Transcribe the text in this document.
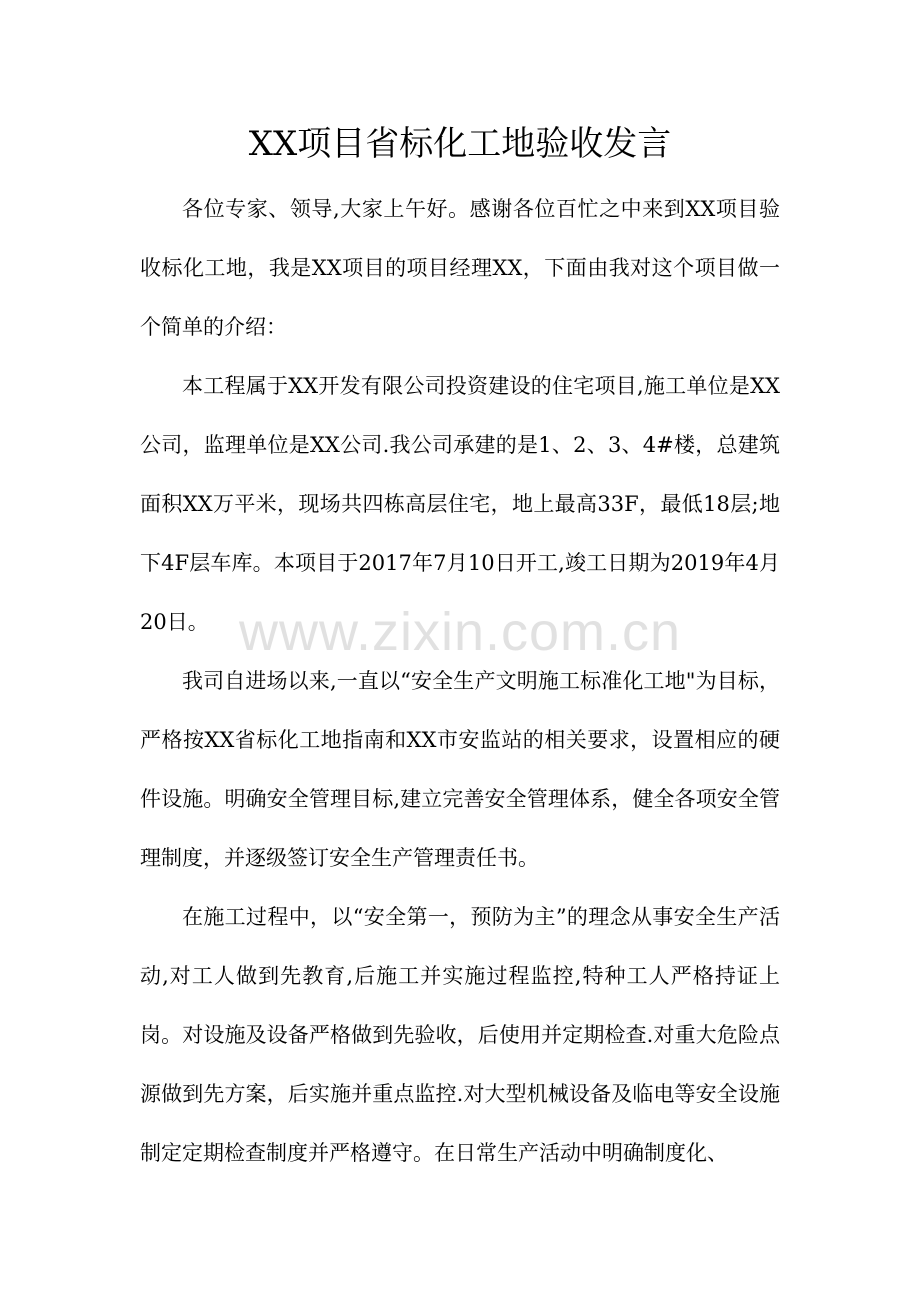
XX项目省标化工地验收发言

各位专家、领导,大家上午好。感谢各位百忙之中来到XX项目验收标化工地，我是XX项目的项目经理XX，下面由我对这个项目做一个简单的介绍：

本工程属于XX开发有限公司投资建设的住宅项目,施工单位是XX公司，监理单位是XX公司.我公司承建的是1、2、3、4#楼，总建筑面积XX万平米，现场共四栋高层住宅，地上最高33F，最低18层;地下4F层车库。本项目于2017年7月10日开工,竣工日期为2019年4月20日。

我司自进场以来,一直以“安全生产文明施工标准化工地"为目标，严格按XX省标化工地指南和XX市安监站的相关要求，设置相应的硬件设施。明确安全管理目标,建立完善安全管理体系，健全各项安全管理制度，并逐级签订安全生产管理责任书。

在施工过程中，以“安全第一，预防为主”的理念从事安全生产活动,对工人做到先教育,后施工并实施过程监控,特种工人严格持证上岗。对设施及设备严格做到先验收，后使用并定期检查.对重大危险点源做到先方案，后实施并重点监控.对大型机械设备及临电等安全设施制定定期检查制度并严格遵守。在日常生产活动中明确制度化、

www.zixin.com.cn
